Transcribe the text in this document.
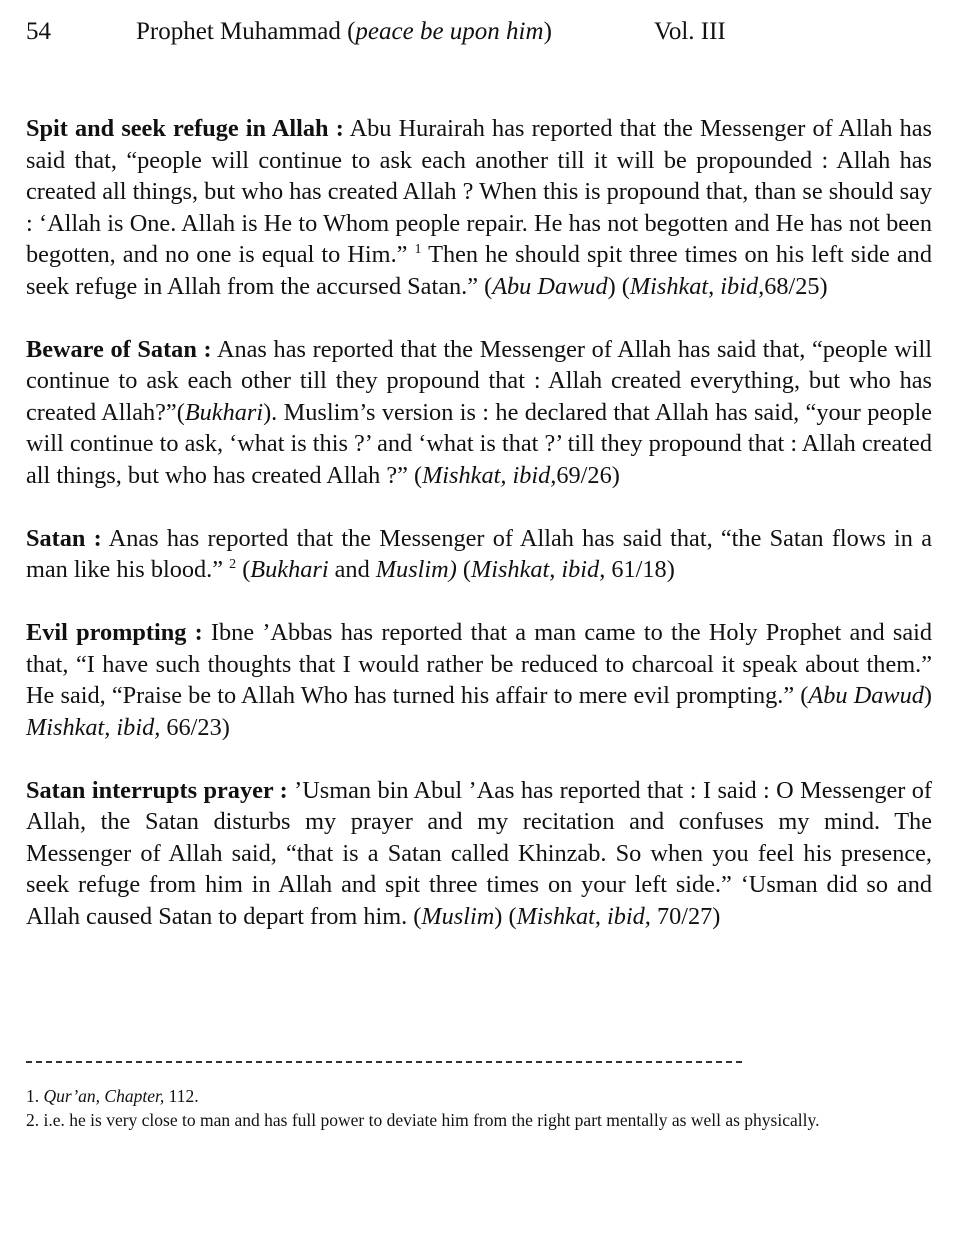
54	Prophet Muhammad (peace be upon him)	Vol. III

Spit and seek refuge in Allah : Abu Hurairah has reported that the Messenger of Allah has said that, “people will continue to ask each another till it will be propounded : Allah has created all things, but who has created Allah ? When this is propound that, than se should say : ‘Allah is One. Allah is He to Whom people repair. He has not begotten and He has not been begotten, and no one is equal to Him.” $^1$ Then he should spit three times on his left side and seek refuge in Allah from the accursed Satan.” (Abu Dawud) (Mishkat, ibid,68/25)

Beware of Satan : Anas has reported that the Messenger of Allah has said that, “people will continue to ask each other till they propound that : Allah created everything, but who has created Allah?”(Bukhari). Muslim’s version is : he declared that Allah has said, “your people will continue to ask, ‘what is this ?’ and ‘what is that ?’ till they propound that : Allah created all things, but who has created Allah ?” (Mishkat, ibid,69/26)

Satan : Anas has reported that the Messenger of Allah has said that, “the Satan flows in a man like his blood.” $^2$ (Bukhari and Muslim) (Mishkat, ibid, 61/18)

Evil prompting : Ibne ’Abbas has reported that a man came to the Holy Prophet and said that, “I have such thoughts that I would rather be reduced to charcoal it speak about them.” He said, “Praise be to Allah Who has turned his affair to mere evil prompting.” (Abu Dawud) Mishkat, ibid, 66/23)

Satan interrupts prayer : ’Usman bin Abul ’Aas has reported that : I said : O Messenger of Allah, the Satan disturbs my prayer and my recitation and confuses my mind. The Messenger of Allah said, “that is a Satan called Khinzab. So when you feel his presence, seek refuge from him in Allah and spit three times on your left side.” ‘Usman did so and Allah caused Satan to depart from him. (Muslim) (Mishkat, ibid, 70/27)

1. Qur’an, Chapter, 112.

2. i.e. he is very close to man and has full power to deviate him from the right part mentally as well as physically.
